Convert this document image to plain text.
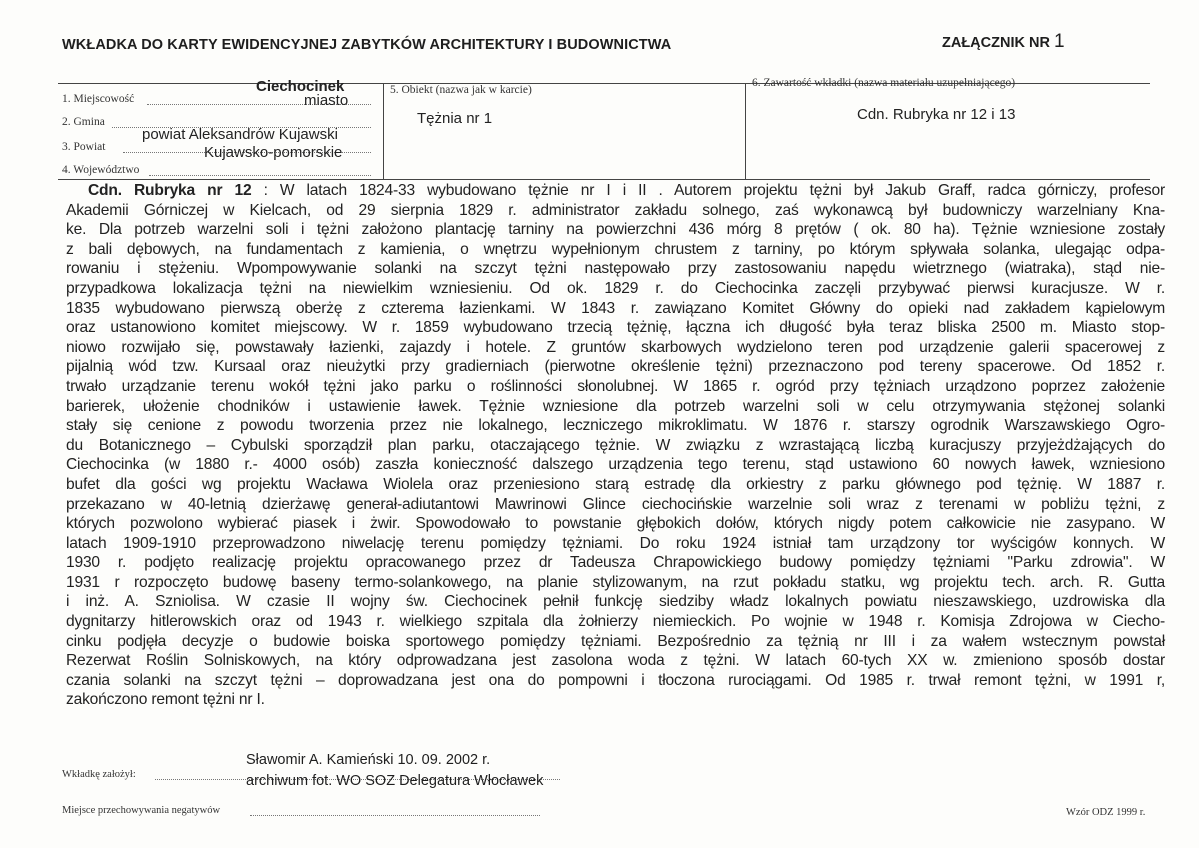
WKŁADKA DO KARTY EWIDENCYJNEJ ZABYTKÓW ARCHITEKTURY I BUDOWNICTWA	ZAŁĄCZNIK NR 1
1. Miejscowość
Ciechocinek
miasto
2. Gmina
3. Powiat
powiat Aleksandrów Kujawski
4. Województwo
Kujawsko-pomorskie
5. Obiekt (nazwa jak w karcie)
Tężnia nr 1
6. Zawartość wkładki (nazwa materiału uzupełniającego)
Cdn. Rubryka nr 12 i 13
Cdn. Rubryka nr 12 : W latach 1824-33 wybudowano tężnie nr I i II . Autorem projektu tężni był Jakub Graff, radca górniczy, profesor
Akademii Górniczej w Kielcach, od 29 sierpnia 1829 r. administrator zakładu solnego, zaś wykonawcą był budowniczy warzelniany Kna-
ke. Dla potrzeb warzelni soli i tężni założono plantację tarniny na powierzchni 436 mórg 8 prętów ( ok. 80 ha). Tężnie wzniesione zostały
z bali dębowych, na fundamentach z kamienia, o wnętrzu wypełnionym chrustem z tarniny, po którym spływała solanka, ulegając odpa-
rowaniu i stężeniu. Wpompowywanie solanki na szczyt tężni następowało przy zastosowaniu napędu wietrznego (wiatraka), stąd nie-
przypadkowa lokalizacja tężni na niewielkim wzniesieniu. Od ok. 1829 r. do Ciechocinka zaczęli przybywać pierwsi kuracjusze. W r.
1835 wybudowano pierwszą oberżę z czterema łazienkami. W 1843 r. zawiązano Komitet Główny do opieki nad zakładem kąpielowym
oraz ustanowiono komitet miejscowy. W r. 1859 wybudowano trzecią tężnię, łączna ich długość była teraz bliska 2500 m. Miasto stop-
niowo rozwijało się, powstawały łazienki, zajazdy i hotele. Z gruntów skarbowych wydzielono teren pod urządzenie galerii spacerowej z
pijalnią wód tzw. Kursaal oraz nieużytki przy gradierniach (pierwotne określenie tężni) przeznaczono pod tereny spacerowe. Od 1852 r.
trwało urządzanie terenu wokół tężni jako parku o roślinności słonolubnej. W 1865 r. ogród przy tężniach urządzono poprzez założenie
barierek, ułożenie chodników i ustawienie ławek. Tężnie wzniesione dla potrzeb warzelni soli w celu otrzymywania stężonej solanki
stały się cenione z powodu tworzenia przez nie lokalnego, leczniczego mikroklimatu. W 1876 r. starszy ogrodnik Warszawskiego Ogro-
du Botanicznego – Cybulski sporządził plan parku, otaczającego tężnie. W związku z wzrastającą liczbą kuracjuszy przyjeżdżających do
Ciechocinka (w 1880 r.- 4000 osób) zaszła konieczność dalszego urządzenia tego terenu, stąd ustawiono 60 nowych ławek, wzniesiono
bufet dla gości wg projektu Wacława Wiolela oraz przeniesiono starą estradę dla orkiestry z parku głównego pod tężnię. W 1887 r.
przekazano w 40-letnią dzierżawę generał-adiutantowi Mawrinowi Glince ciechocińskie warzelnie soli wraz z terenami w pobliżu tężni, z
których pozwolono wybierać piasek i żwir. Spowodowało to powstanie głębokich dołów, których nigdy potem całkowicie nie zasypano. W
latach 1909-1910 przeprowadzono niwelację terenu pomiędzy tężniami. Do roku 1924 istniał tam urządzony tor wyścigów konnych. W
1930 r. podjęto realizację projektu opracowanego przez dr Tadeusza Chrapowickiego budowy pomiędzy tężniami "Parku zdrowia". W
1931 r rozpoczęto budowę baseny termo-solankowego, na planie stylizowanym, na rzut pokładu statku, wg projektu tech. arch. R. Gutta
i inż. A. Szniolisa. W czasie II wojny św. Ciechocinek pełnił funkcję siedziby władz lokalnych powiatu nieszawskiego, uzdrowiska dla
dygnitarzy hitlerowskich oraz od 1943 r. wielkiego szpitala dla żołnierzy niemieckich. Po wojnie w 1948 r. Komisja Zdrojowa w Ciecho-
cinku podjęła decyzje o budowie boiska sportowego pomiędzy tężniami. Bezpośrednio za tężnią nr III i za wałem wstecznym powstał
Rezerwat Roślin Solniskowych, na który odprowadzana jest zasolona woda z tężni. W latach 60-tych XX w. zmieniono sposób dostar
czania solanki na szczyt tężni – doprowadzana jest ona do pompowni i tłoczona rurociągami. Od 1985 r. trwał remont tężni, w 1991 r,
zakończono remont tężni nr I.
Wkładkę założył:
Sławomir A. Kamieński 10. 09. 2002 r.
archiwum fot. WO SOZ Delegatura Włocławek
Miejsce przechowywania negatywów	Wzór ODZ 1999 r.
